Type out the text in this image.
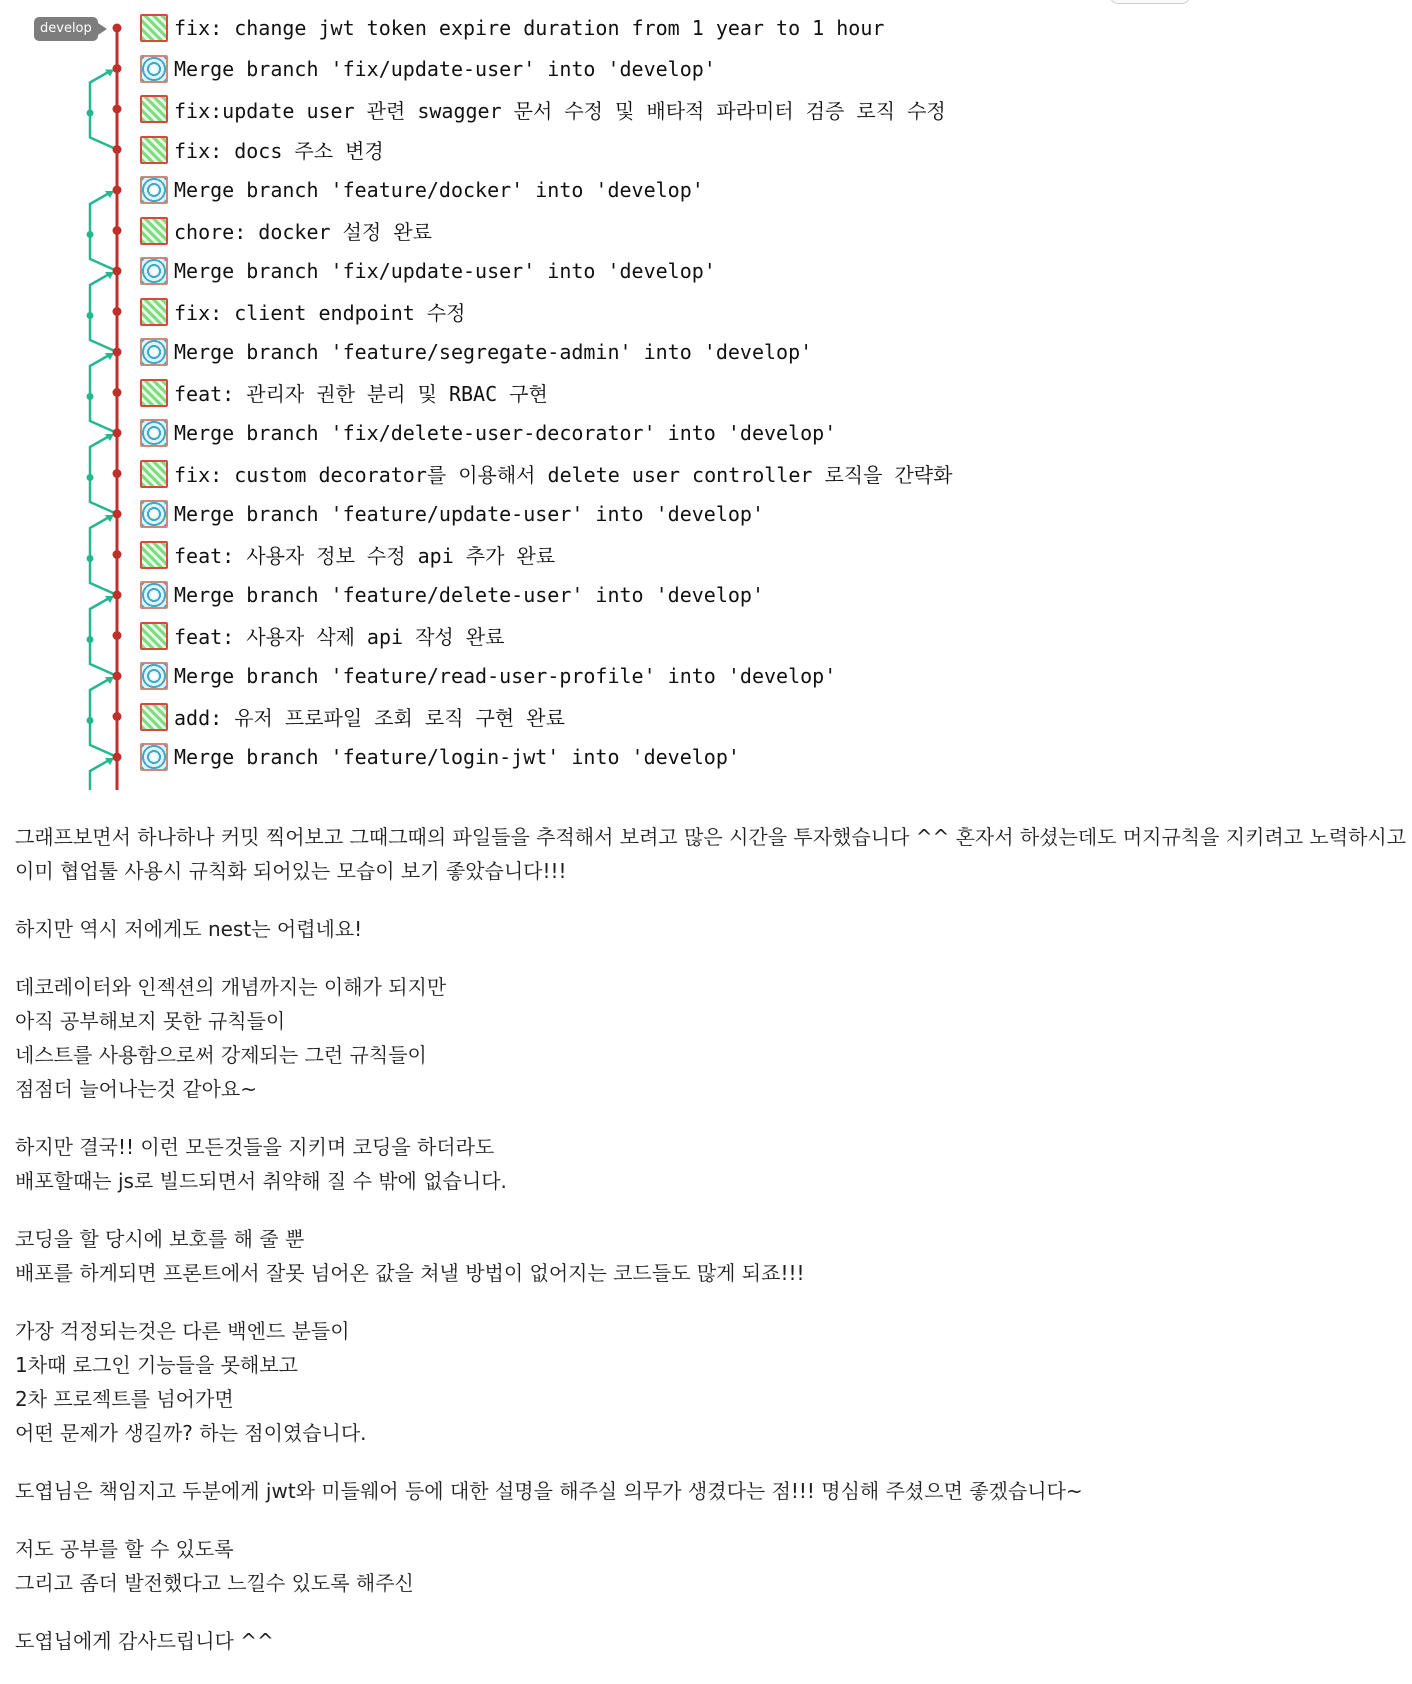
develop	fix: change jwt token expire duration from 1 year to 1 hour
Merge branch 'fix/update-user' into 'develop'
fix:update user 관련 swagger 문서 수정 및 배타적 파라미터 검증 로직 수정
fix: docs 주소 변경
Merge branch 'feature/docker' into 'develop'
chore: docker 설정 완료
Merge branch 'fix/update-user' into 'develop'
fix: client endpoint 수정
Merge branch 'feature/segregate-admin' into 'develop'
feat: 관리자 권한 분리 및 RBAC 구현
Merge branch 'fix/delete-user-decorator' into 'develop'
fix: custom decorator를 이용해서 delete user controller 로직을 간략화
Merge branch 'feature/update-user' into 'develop'
feat: 사용자 정보 수정 api 추가 완료
Merge branch 'feature/delete-user' into 'develop'
feat: 사용자 삭제 api 작성 완료
Merge branch 'feature/read-user-profile' into 'develop'
add: 유저 프로파일 조회 로직 구현 완료
Merge branch 'feature/login-jwt' into 'develop'

그래프보면서 하나하나 커밋 찍어보고 그때그때의 파일들을 추적해서 보려고 많은 시간을 투자했습니다 ^^ 혼자서 하셨는데도 머지규칙을 지키려고 노력하시고
이미 협업툴 사용시 규칙화 되어있는 모습이 보기 좋았습니다!!!

하지만 역시 저에게도 nest는 어렵네요!

데코레이터와 인젝션의 개념까지는 이해가 되지만
아직 공부해보지 못한 규칙들이
네스트를 사용함으로써 강제되는 그런 규칙들이
점점더 늘어나는것 같아요~

하지만 결국!! 이런 모든것들을 지키며 코딩을 하더라도
배포할때는 js로 빌드되면서 취약해 질 수 밖에 없습니다.

코딩을 할 당시에 보호를 해 줄 뿐
배포를 하게되면 프론트에서 잘못 넘어온 값을 쳐낼 방법이 없어지는 코드들도 많게 되죠!!!

가장 걱정되는것은 다른 백엔드 분들이
1차때 로그인 기능들을 못해보고
2차 프로젝트를 넘어가면
어떤 문제가 생길까? 하는 점이였습니다.

도엽님은 책임지고 두분에게 jwt와 미들웨어 등에 대한 설명을 해주실 의무가 생겼다는 점!!! 명심해 주셨으면 좋겠습니다~

저도 공부를 할 수 있도록
그리고 좀더 발전했다고 느낄수 있도록 해주신

도엽닙에게 감사드립니다 ^^
